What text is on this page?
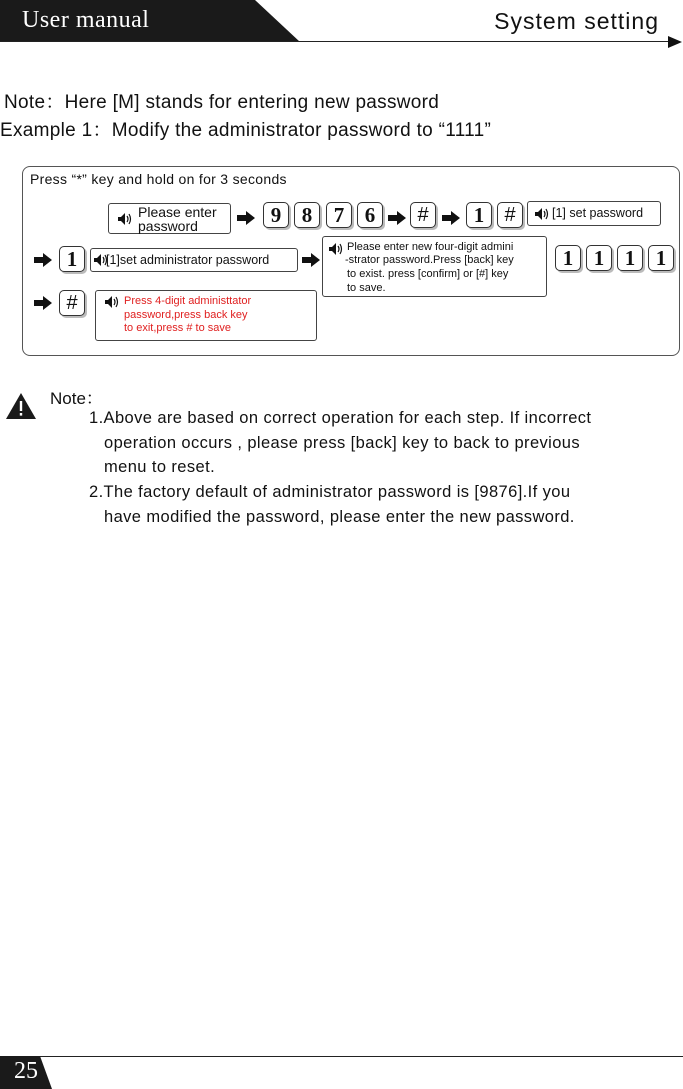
User manual	System setting
Note：Here [M] stands for entering new password
Example 1：Modify the administrator password to “1111”
Press “*” key and hold on for 3 seconds
Please enter
password	9 8	7 6	#	1	#	[1] set password
1	[1]set administrator password
Please enter new four-digit admini
-strator password.Press [back] key
to exist. press [confirm] or [#] key
to save.
1 1 1 1
#	Press 4-digit administtator
password,press back key
to exit,press # to save
Note：
1.Above are based on correct operation for each step. If incorrect
operation occurs , please press [back] key to back to previous
menu to reset.
2.The factory default of administrator password is [9876].If you
have modified the password, please enter the new password.
25
